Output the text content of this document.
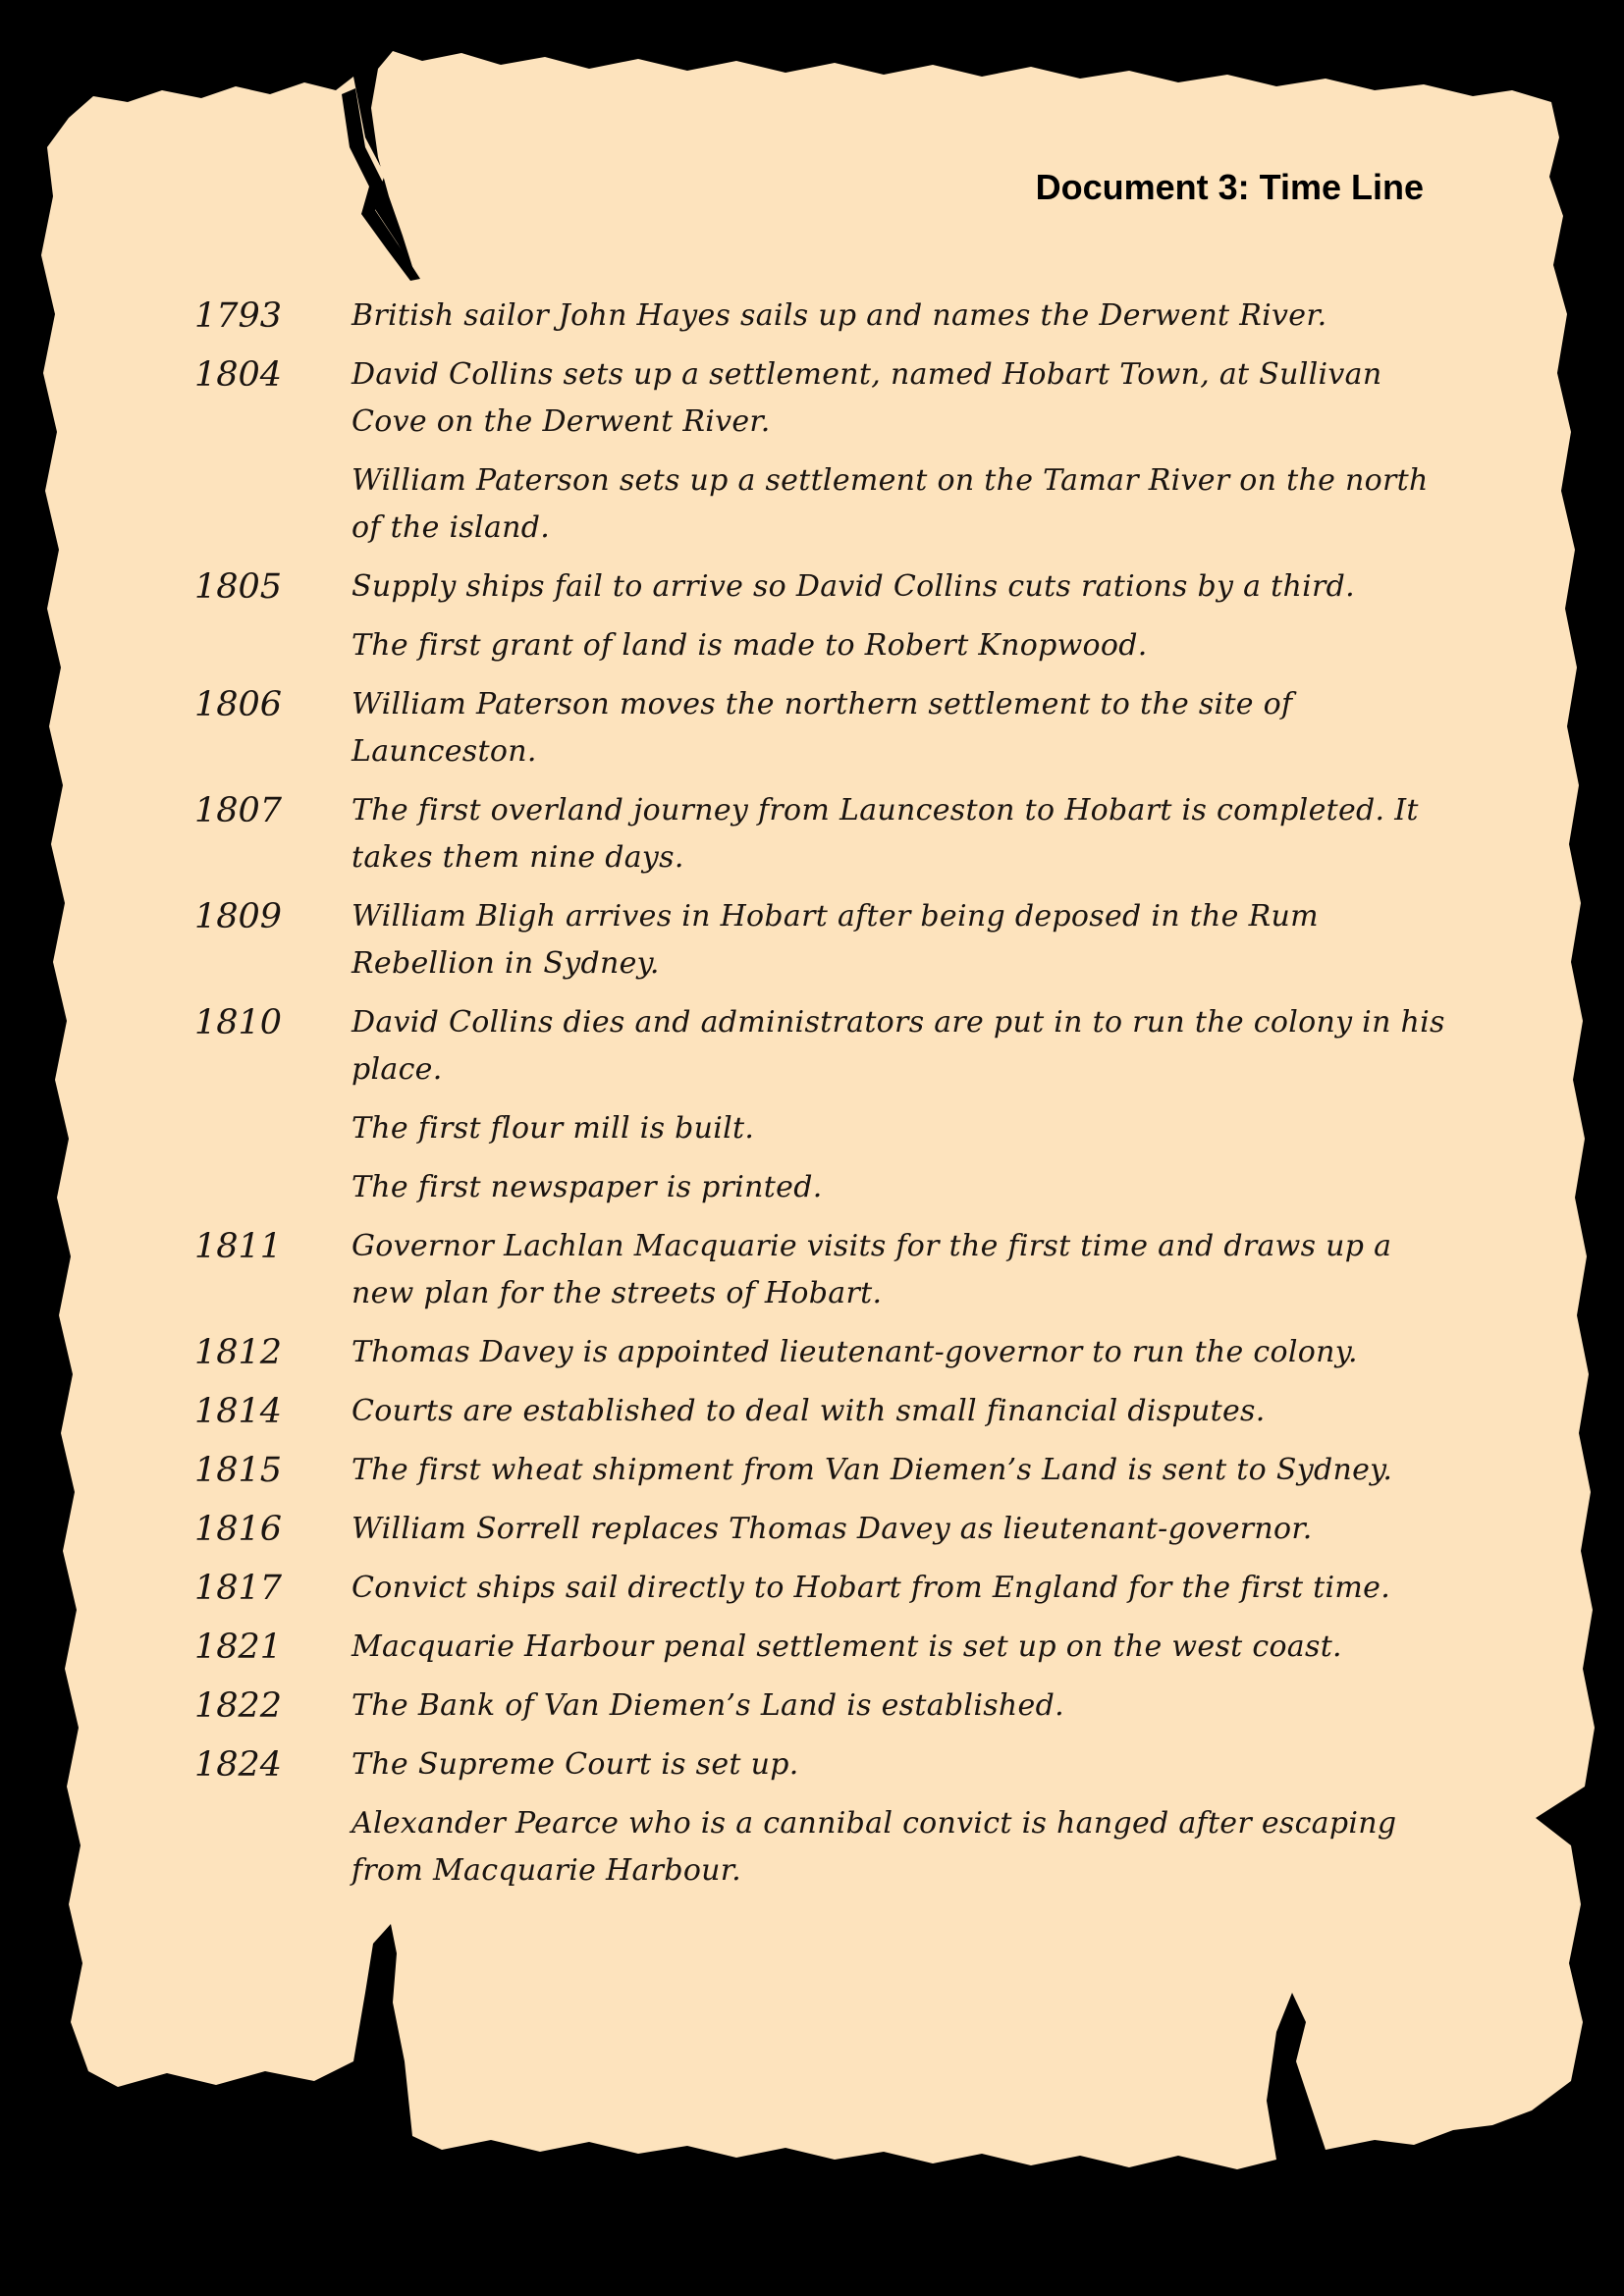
Document 3: Time Line
1793	British sailor John Hayes sails up and names the Derwent River.
1804	David Collins sets up a settlement, named Hobart Town, at Sullivan Cove on the Derwent River.
William Paterson sets up a settlement on the Tamar River on the north of the island.
1805	Supply ships fail to arrive so David Collins cuts rations by a third.
The first grant of land is made to Robert Knopwood.
1806	William Paterson moves the northern settlement to the site of Launceston.
1807	The first overland journey from Launceston to Hobart is completed. It takes them nine days.
1809	William Bligh arrives in Hobart after being deposed in the Rum Rebellion in Sydney.
1810	David Collins dies and administrators are put in to run the colony in his place.
The first flour mill is built.
The first newspaper is printed.
1811	Governor Lachlan Macquarie visits for the first time and draws up a new plan for the streets of Hobart.
1812	Thomas Davey is appointed lieutenant-governor to run the colony.
1814	Courts are established to deal with small financial disputes.
1815	The first wheat shipment from Van Diemen’s Land is sent to Sydney.
1816	William Sorrell replaces Thomas Davey as lieutenant-governor.
1817	Convict ships sail directly to Hobart from England for the first time.
1821	Macquarie Harbour penal settlement is set up on the west coast.
1822	The Bank of Van Diemen’s Land is established.
1824	The Supreme Court is set up.
Alexander Pearce who is a cannibal convict is hanged after escaping from Macquarie Harbour.
